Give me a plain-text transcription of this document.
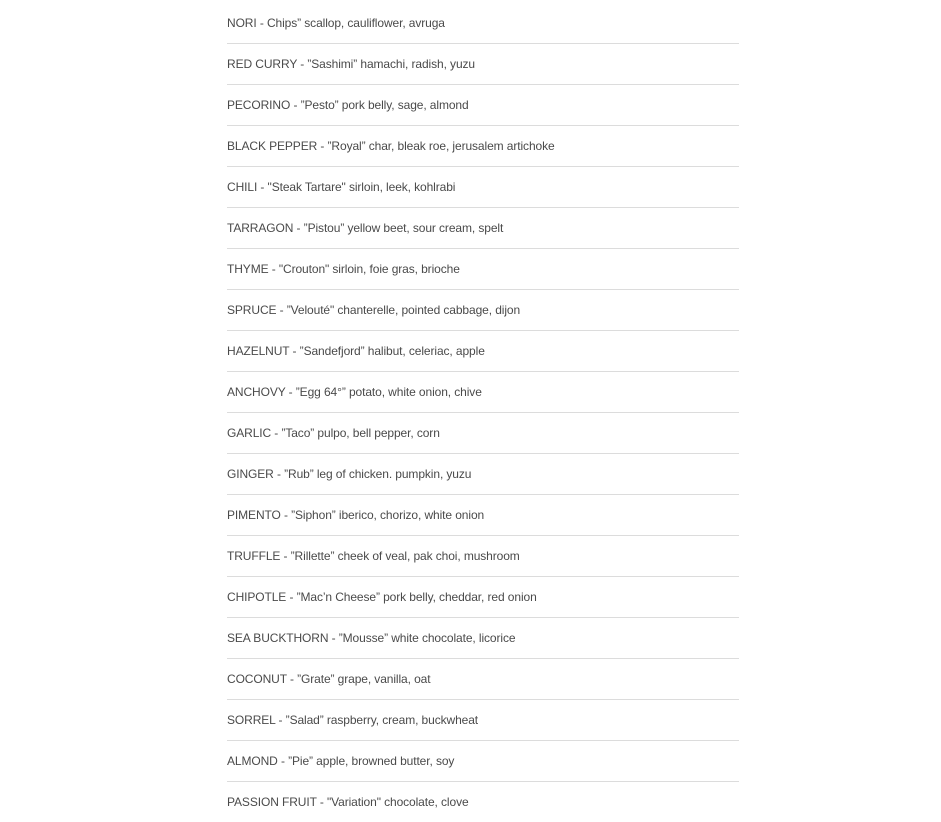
NORI - Chips” scallop, cauliflower, avruga
RED CURRY - ”Sashimi” hamachi, radish, yuzu
PECORINO - ”Pesto” pork belly, sage, almond
BLACK PEPPER - ”Royal” char, bleak roe, jerusalem artichoke
CHILI - "Steak Tartare" sirloin, leek, kohlrabi
TARRAGON - ”Pistou” yellow beet, sour cream, spelt
THYME - "Crouton" sirloin, foie gras, brioche
SPRUCE - ”Velouté" chanterelle, pointed cabbage, dijon
HAZELNUT - ”Sandefjord” halibut, celeriac, apple
ANCHOVY - ”Egg 64°” potato, white onion, chive
GARLIC - ”Taco” pulpo, bell pepper, corn
GINGER - ”Rub” leg of chicken. pumpkin, yuzu
PIMENTO - ”Siphon” iberico, chorizo, white onion
TRUFFLE - ”Rillette” cheek of veal, pak choi, mushroom
CHIPOTLE - ”Mac’n Cheese” pork belly, cheddar, red onion
SEA BUCKTHORN - ”Mousse” white chocolate, licorice
COCONUT - ”Grate” grape, vanilla, oat
SORREL - ”Salad” raspberry, cream, buckwheat
ALMOND - ”Pie” apple, browned butter, soy
PASSION FRUIT - "Variation" chocolate, clove
